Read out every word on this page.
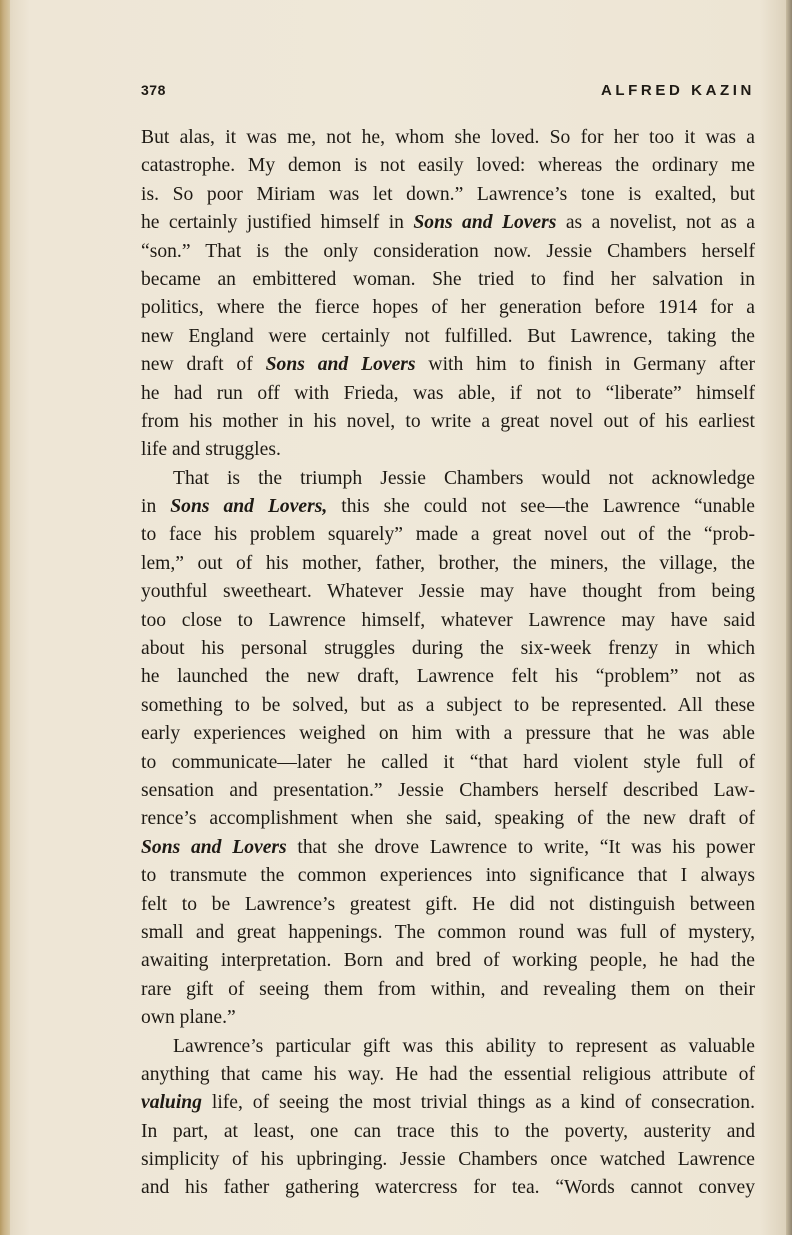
378	ALFRED KAZIN
But alas, it was me, not he, whom she loved. So for her too it was a
catastrophe. My demon is not easily loved: whereas the ordinary me
is. So poor Miriam was let down.” Lawrence’s tone is exalted, but
he certainly justified himself in Sons and Lovers as a novelist, not as a
“son.” That is the only consideration now. Jessie Chambers herself
became an embittered woman. She tried to find her salvation in
politics, where the fierce hopes of her generation before 1914 for a
new England were certainly not fulfilled. But Lawrence, taking the
new draft of Sons and Lovers with him to finish in Germany after
he had run off with Frieda, was able, if not to “liberate” himself
from his mother in his novel, to write a great novel out of his earliest
life and struggles.
That is the triumph Jessie Chambers would not acknowledge
in Sons and Lovers, this she could not see—the Lawrence “unable
to face his problem squarely” made a great novel out of the “prob-
lem,” out of his mother, father, brother, the miners, the village, the
youthful sweetheart. Whatever Jessie may have thought from being
too close to Lawrence himself, whatever Lawrence may have said
about his personal struggles during the six-week frenzy in which
he launched the new draft, Lawrence felt his “problem” not as
something to be solved, but as a subject to be represented. All these
early experiences weighed on him with a pressure that he was able
to communicate—later he called it “that hard violent style full of
sensation and presentation.” Jessie Chambers herself described Law-
rence’s accomplishment when she said, speaking of the new draft of
Sons and Lovers that she drove Lawrence to write, “It was his power
to transmute the common experiences into significance that I always
felt to be Lawrence’s greatest gift. He did not distinguish between
small and great happenings. The common round was full of mystery,
awaiting interpretation. Born and bred of working people, he had the
rare gift of seeing them from within, and revealing them on their
own plane.”
Lawrence’s particular gift was this ability to represent as valuable
anything that came his way. He had the essential religious attribute of
valuing life, of seeing the most trivial things as a kind of consecration.
In part, at least, one can trace this to the poverty, austerity and
simplicity of his upbringing. Jessie Chambers once watched Lawrence
and his father gathering watercress for tea. “Words cannot convey
